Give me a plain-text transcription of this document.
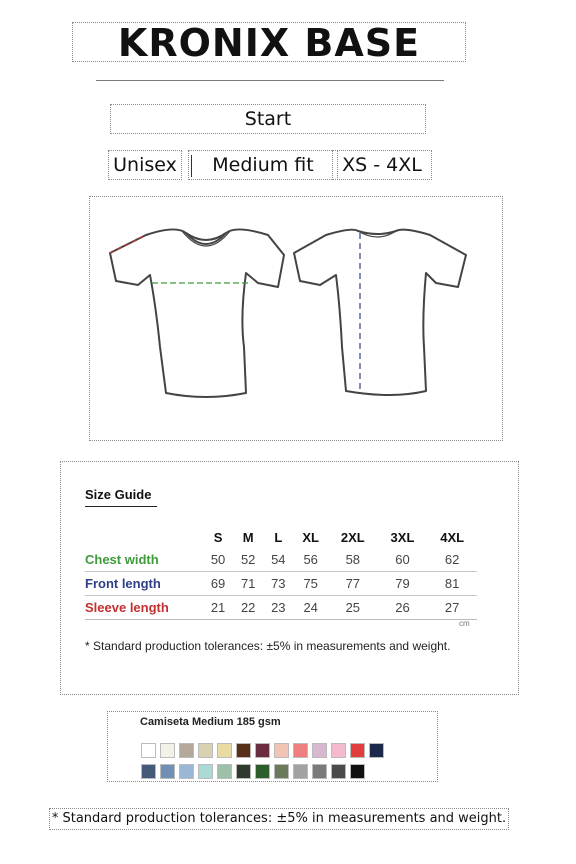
KRONIX BASE
Start
Unisex	Medium fit	XS - 4XL
Size Guide
	S	M	L	XL	2XL	3XL	4XL
Chest width	50	52	54	56	58	60	62
Front length	69	71	73	75	77	79	81
Sleeve length	21	22	23	24	25	26	27
cm
* Standard production tolerances: ±5% in measurements and weight.
Camiseta Medium 185 gsm
* Standard production tolerances: ±5% in measurements and weight.
